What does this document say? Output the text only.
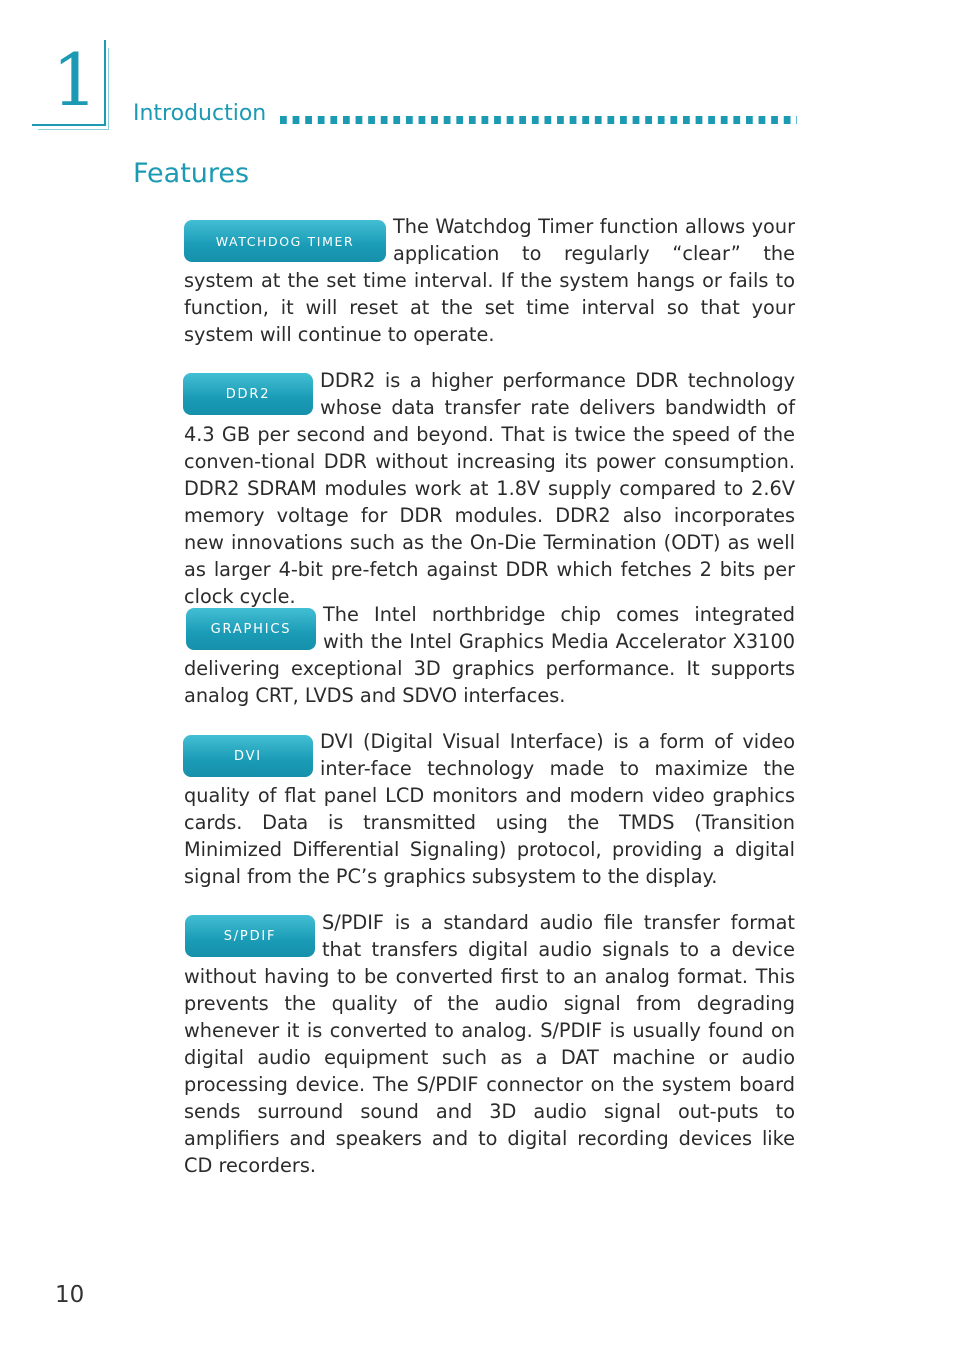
1 Introduction
Features

WATCHDOG TIMER
The Watchdog Timer function allows your application to regularly “clear” the system at the set time interval. If the system hangs or fails to function, it will reset at the set time interval so that your system will continue to operate.

DDR2
DDR2 is a higher performance DDR technology whose data transfer rate delivers bandwidth of 4.3 GB per second and beyond. That is twice the speed of the conven-tional DDR without increasing its power consumption. DDR2 SDRAM modules work at 1.8V supply compared to 2.6V memory voltage for DDR modules. DDR2 also incorporates new innovations such as the On-Die Termination (ODT) as well as larger 4-bit pre-fetch against DDR which fetches 2 bits per clock cycle.

GRAPHICS
The Intel northbridge chip comes integrated with the Intel Graphics Media Accelerator X3100 delivering exceptional 3D graphics performance. It supports analog CRT, LVDS and SDVO interfaces.

DVI
DVI (Digital Visual Interface) is a form of video inter-face technology made to maximize the quality of flat panel LCD monitors and modern video graphics cards. Data is transmitted using the TMDS (Transition Minimized Differential Signaling) protocol, providing a digital signal from the PC’s graphics subsystem to the display.

S/PDIF
S/PDIF is a standard audio file transfer format that transfers digital audio signals to a device without having to be converted first to an analog format. This prevents the quality of the audio signal from degrading whenever it is converted to analog. S/PDIF is usually found on digital audio equipment such as a DAT machine or audio processing device. The S/PDIF connector on the system board sends surround sound and 3D audio signal out-puts to amplifiers and speakers and to digital recording devices like CD recorders.

10
